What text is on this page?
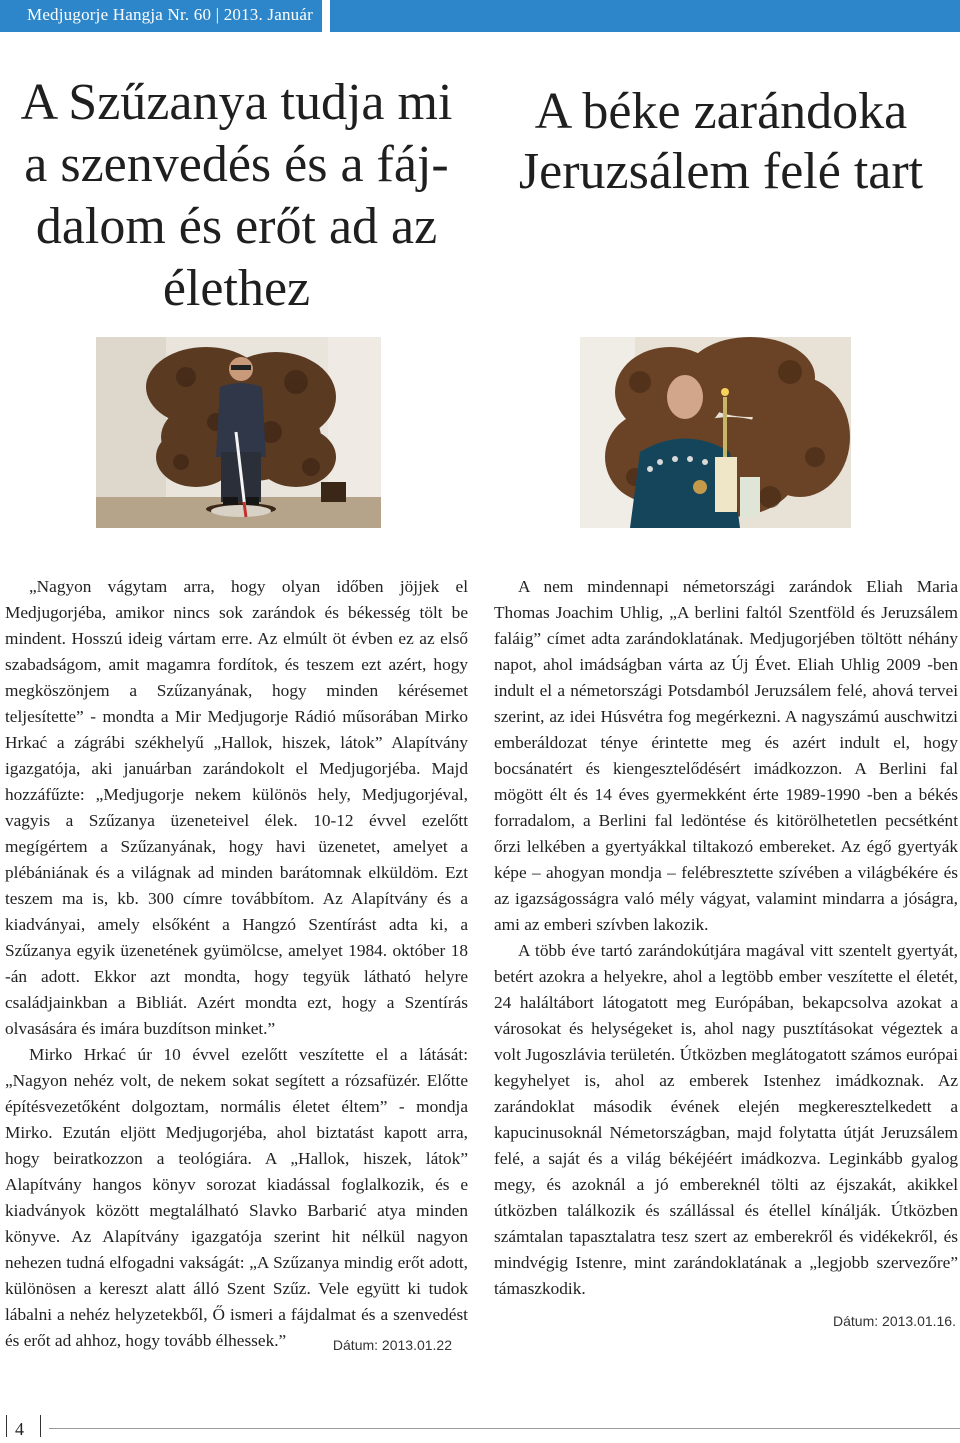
Medjugorje Hangja Nr. 60 | 2013. Január
A Szűzanya tudja mi a szenvedés és a fáj-dalom és erőt ad az élethez
A béke zarándoka Jeruzsálem felé tart

„Nagyon vágytam arra, hogy olyan időben jöjjek el Medjugorjéba, amikor nincs sok zarándok és békesség tölt be mindent. Hosszú ideig vártam erre. Az elmúlt öt évben ez az első szabadságom, amit magamra fordítok, és teszem ezt azért, hogy megköszönjem a Szűzanyának, hogy minden kérésemet teljesítette” - mondta a Mir Medjugorje Rádió műsorában Mirko Hrkać a zágrábi székhelyű „Hallok, hiszek, látok” Alapítvány igazgatója, aki januárban zarándokolt el Medjugorjéba. Majd hozzáfűzte: „Medjugorje nekem különös hely, Medjugorjéval, vagyis a Szűzanya üzeneteivel élek. 10-12 évvel ezelőtt megígértem a Szűzanyának, hogy havi üzenetet, amelyet a plébániának és a világnak ad minden barátomnak elküldöm. Ezt teszem ma is, kb. 300 címre továbbítom. Az Alapítvány és a kiadványai, amely elsőként a Hangzó Szentírást adta ki, a Szűzanya egyik üzenetének gyümölcse, amelyet 1984. október 18 -án adott. Ekkor azt mondta, hogy tegyük látható helyre családjainkban a Bibliát. Azért mondta ezt, hogy a Szentírás olvasására és imára buzdítson minket.”

Mirko Hrkać úr 10 évvel ezelőtt veszítette el a látását: „Nagyon nehéz volt, de nekem sokat segített a rózsafüzér. Előtte építésvezetőként dolgoztam, normális életet éltem” - mondja Mirko. Ezután eljött Medjugorjéba, ahol biztatást kapott arra, hogy beiratkozzon a teológiára. A „Hallok, hiszek, látok” Alapítvány hangos könyv sorozat kiadással foglalkozik, és e kiadványok között megtalálható Slavko Barbarić atya minden könyve. Az Alapítvány igazgatója szerint hit nélkül nagyon nehezen tudná elfogadni vakságát: „A Szűzanya mindig erőt adott, különösen a kereszt alatt álló Szent Szűz. Vele együtt ki tudok lábalni a nehéz helyzetekből, Ő ismeri a fájdalmat és a szenvedést és erőt ad ahhoz, hogy tovább élhessek.”	Dátum: 2013.01.22

A nem mindennapi németországi zarándok Eliah Maria Thomas Joachim Uhlig, „A berlini faltól Szentföld és Jeruzsálem faláig” címet adta zarándoklatának. Medjugorjében töltött néhány napot, ahol imádságban várta az Új Évet. Eliah Uhlig 2009 -ben indult el a németországi Potsdamból Jeruzsálem felé, ahová tervei szerint, az idei Húsvétra fog megérkezni. A nagyszámú auschwitzi emberáldozat ténye érintette meg és azért indult el, hogy bocsánatért és kiengesztelődésért imádkozzon. A Berlini fal mögött élt és 14 éves gyermekként érte 1989-1990 -ben a békés forradalom, a Berlini fal ledöntése és kitörölhetetlen pecsétként őrzi lelkében a gyertyákkal tiltakozó embereket. Az égő gyertyák képe – ahogyan mondja – felébresztette szívében a világbékére és az igazságosságra való mély vágyat, valamint mindarra a jóságra, ami az emberi szívben lakozik.

A több éve tartó zarándokútjára magával vitt szentelt gyertyát, betért azokra a helyekre, ahol a legtöbb ember veszítette el életét, 24 haláltábort látogatott meg Európában, bekapcsolva azokat a városokat és helységeket is, ahol nagy pusztításokat végeztek a volt Jugoszlávia területén. Útközben meglátogatott számos európai kegyhelyet is, ahol az emberek Istenhez imádkoznak. Az zarándoklat második évének elején megkeresztelkedett a kapucinusoknál Németországban, majd folytatta útját Jeruzsálem felé, a saját és a világ békéjéért imádkozva. Leginkább gyalog megy, és azoknál a jó embereknél tölti az éjszakát, akikkel útközben találkozik és szállással és étellel kínálják. Útközben számtalan tapasztalatra tesz szert az emberekről és vidékekről, és mindvégig Istenre, mint zarándoklatának a „legjobb szervezőre” támaszkodik.

Dátum: 2013.01.16.
4
